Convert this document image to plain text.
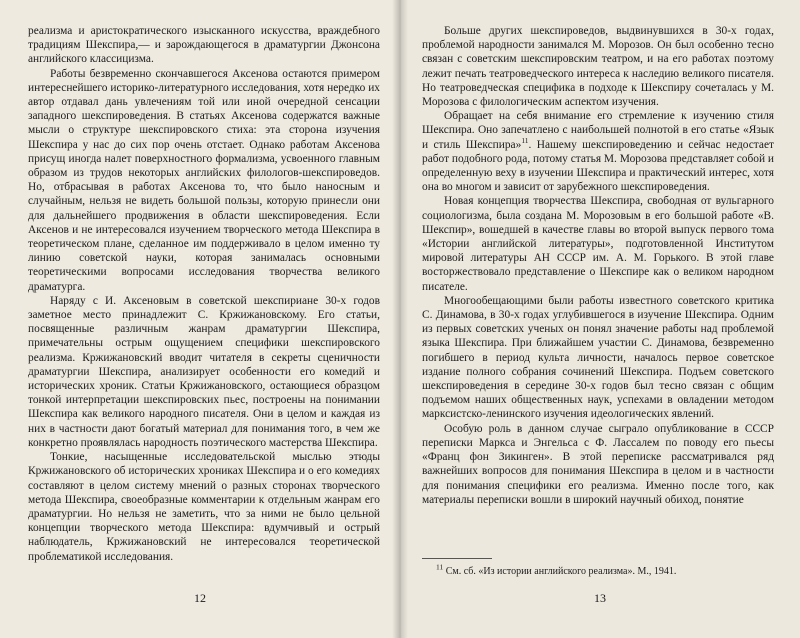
реализма и аристократического изысканного искусства, враждебного традициям Шекспира,— и зарождающегося в драматургии Джонсона английского классицизма.

Работы безвременно скончавшегося Аксенова остаются примером интереснейшего историко-литературного исследования, хотя нередко их автор отдавал дань увлечениям той или иной очередной сенсации западного шекспироведения. В статьях Аксенова содержатся важные мысли о структуре шекспировского стиха: эта сторона изучения Шекспира у нас до сих пор очень отстает. Однако работам Аксенова присущ иногда налет поверхностного формализма, усвоенного главным образом из трудов некоторых английских филологов-шекспироведов. Но, отбрасывая в работах Аксенова то, что было наносным и случайным, нельзя не видеть большой пользы, которую принесли они для дальнейшего продвижения в области шекспироведения. Если Аксенов и не интересовался изучением творческого метода Шекспира в теоретическом плане, сделанное им поддерживало в целом именно ту линию советской науки, которая занималась основными теоретическими вопросами исследования творчества великого драматурга.

Наряду с И. Аксеновым в советской шекспириане 30-х годов заметное место принадлежит С. Кржижановскому. Его статьи, посвященные различным жанрам драматургии Шекспира, примечательны острым ощущением специфики шекспировского реализма. Кржижановский вводит читателя в секреты сценичности драматургии Шекспира, анализирует особенности его комедий и исторических хроник. Статьи Кржижановского, остающиеся образцом тонкой интерпретации шекспировских пьес, построены на понимании Шекспира как великого народного писателя. Они в целом и каждая из них в частности дают богатый материал для понимания того, в чем же конкретно проявлялась народность поэтического мастерства Шекспира.

Тонкие, насыщенные исследовательской мыслью этюды Кржижановского об исторических хрониках Шекспира и о его комедиях составляют в целом систему мнений о разных сторонах творческого метода Шекспира, своеобразные комментарии к отдельным жанрам его драматургии. Но нельзя не заметить, что за ними не было цельной концепции творческого метода Шекспира: вдумчивый и острый наблюдатель, Кржижановский не интересовался теоретической проблематикой исследования.

12

Больше других шекспироведов, выдвинувшихся в 30-х годах, проблемой народности занимался М. Морозов. Он был особенно тесно связан с советским шекспировским театром, и на его работах поэтому лежит печать театроведческого интереса к наследию великого писателя. Но театроведческая специфика в подходе к Шекспиру сочеталась у М. Морозова с филологическим аспектом изучения.

Обращает на себя внимание его стремление к изучению стиля Шекспира. Оно запечатлено с наибольшей полнотой в его статье «Язык и стиль Шекспира»$^{11}$. Нашему шекспироведению и сейчас недостает работ подобного рода, потому статья М. Морозова представляет собой и определенную веху в изучении Шекспира и практический интерес, хотя она во многом и зависит от зарубежного шекспироведения.

Новая концепция творчества Шекспира, свободная от вульгарного социологизма, была создана М. Морозовым в его большой работе «В. Шекспир», вошедшей в качестве главы во второй выпуск первого тома «Истории английской литературы», подготовленной Институтом мировой литературы АН СССР им. А. М. Горького. В этой главе восторжествовало представление о Шекспире как о великом народном писателе.

Многообещающими были работы известного советского критика С. Динамова, в 30-х годах углубившегося в изучение Шекспира. Одним из первых советских ученых он понял значение работы над проблемой языка Шекспира. При ближайшем участии С. Динамова, безвременно погибшего в период культа личности, началось первое советское издание полного собрания сочинений Шекспира. Подъем советского шекспироведения в середине 30-х годов был тесно связан с общим подъемом наших общественных наук, успехами в овладении методом марксистско-ленинского изучения идеологических явлений.

Особую роль в данном случае сыграло опубликование в СССР переписки Маркса и Энгельса с Ф. Лассалем по поводу его пьесы «Франц фон Зикинген». В этой переписке рассматривался ряд важнейших вопросов для понимания Шекспира в целом и в частности для понимания специфики его реализма. Именно после того, как материалы переписки вошли в широкий научный обиход, понятие

$^{11}$ См. сб. «Из истории английского реализма». М., 1941.

13
